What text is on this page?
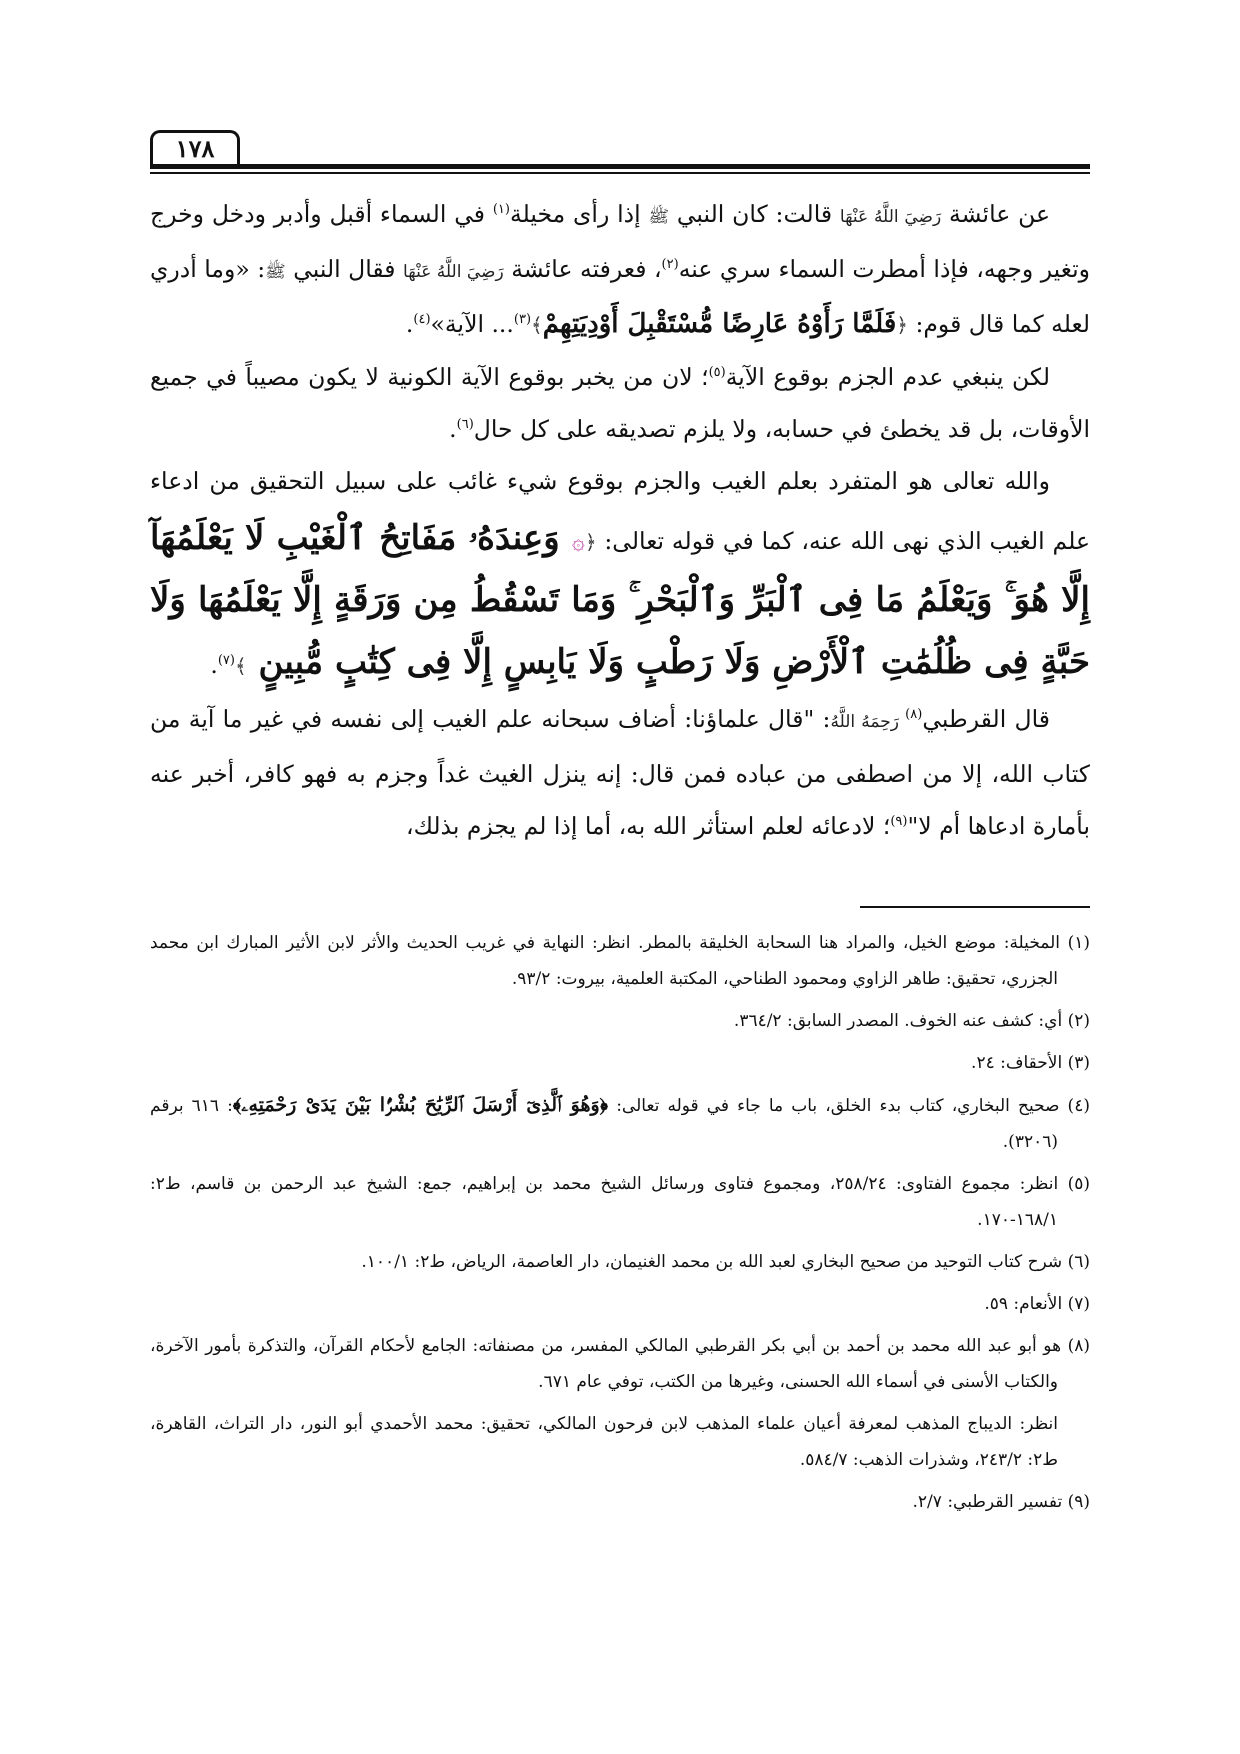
١٧٨

عن عائشة رَضِيَ اللَّهُ عَنْهَا قالت: كان النبي ﷺ إذا رأى مخيلة$^{(١)}$ في السماء أقبل وأدبر ودخل وخرج وتغير وجهه، فإذا أمطرت السماء سري عنه$^{(٢)}$، فعرفته عائشة رَضِيَ اللَّهُ عَنْهَا فقال النبي ﷺ: «وما أدري لعله كما قال قوم: ﴿فَلَمَّا رَأَوْهُ عَارِضًا مُّسْتَقْبِلَ أَوْدِيَتِهِمْ﴾$^{(٣)}$... الآية»$^{(٤)}$.

لكن ينبغي عدم الجزم بوقوع الآية$^{(٥)}$؛ لان من يخبر بوقوع الآية الكونية لا يكون مصيباً في جميع الأوقات، بل قد يخطئ في حسابه، ولا يلزم تصديقه على كل حال$^{(٦)}$.

والله تعالى هو المتفرد بعلم الغيب والجزم بوقوع شيء غائب على سبيل التحقيق من ادعاء علم الغيب الذي نهى الله عنه، كما في قوله تعالى: ﴿۞ وَعِندَهُۥ مَفَاتِحُ ٱلْغَيْبِ لَا يَعْلَمُهَآ إِلَّا هُوَ ۚ وَيَعْلَمُ مَا فِى ٱلْبَرِّ وَٱلْبَحْرِ ۚ وَمَا تَسْقُطُ مِن وَرَقَةٍ إِلَّا يَعْلَمُهَا وَلَا حَبَّةٍ فِى ظُلُمَٰتِ ٱلْأَرْضِ وَلَا رَطْبٍ وَلَا يَابِسٍ إِلَّا فِى كِتَٰبٍ مُّبِينٍ ﴾$^{(٧)}$.

قال القرطبي$^{(٨)}$ رَحِمَهُ اللَّهُ: "قال علماؤنا: أضاف سبحانه علم الغيب إلى نفسه في غير ما آية من كتاب الله، إلا من اصطفى من عباده فمن قال: إنه ينزل الغيث غداً وجزم به فهو كافر، أخبر عنه بأمارة ادعاها أم لا"$^{(٩)}$؛ لادعائه لعلم استأثر الله به، أما إذا لم يجزم بذلك،

(١) المخيلة: موضع الخيل، والمراد هنا السحابة الخليقة بالمطر. انظر: النهاية في غريب الحديث والأثر لابن الأثير المبارك ابن محمد الجزري، تحقيق: طاهر الزاوي ومحمود الطناحي، المكتبة العلمية، بيروت: ٩٣/٢.

(٢) أي: كشف عنه الخوف. المصدر السابق: ٣٦٤/٢.

(٣) الأحقاف: ٢٤.

(٤) صحيح البخاري، كتاب بدء الخلق، باب ما جاء في قوله تعالى: ﴿وَهُوَ ٱلَّذِىٓ أَرْسَلَ ٱلرِّيَٰحَ بُشْرًۢا بَيْنَ يَدَىْ رَحْمَتِهِۦ﴾: ٦١٦ برقم (٣٢٠٦).

(٥) انظر: مجموع الفتاوى: ٢٥٨/٢٤، ومجموع فتاوى ورسائل الشيخ محمد بن إبراهيم، جمع: الشيخ عبد الرحمن بن قاسم، ط٢: ١٦٨/١-١٧٠.

(٦) شرح كتاب التوحيد من صحيح البخاري لعبد الله بن محمد الغنيمان، دار العاصمة، الرياض، ط٢: ١٠٠/١.

(٧) الأنعام: ٥٩.

(٨) هو أبو عبد الله محمد بن أحمد بن أبي بكر القرطبي المالكي المفسر، من مصنفاته: الجامع لأحكام القرآن، والتذكرة بأمور الآخرة، والكتاب الأسنى في أسماء الله الحسنى، وغيرها من الكتب، توفي عام ٦٧١.

انظر: الديباج المذهب لمعرفة أعيان علماء المذهب لابن فرحون المالكي، تحقيق: محمد الأحمدي أبو النور، دار التراث، القاهرة، ط٢: ٢٤٣/٢، وشذرات الذهب: ٥٨٤/٧.

(٩) تفسير القرطبي: ٢/٧.
